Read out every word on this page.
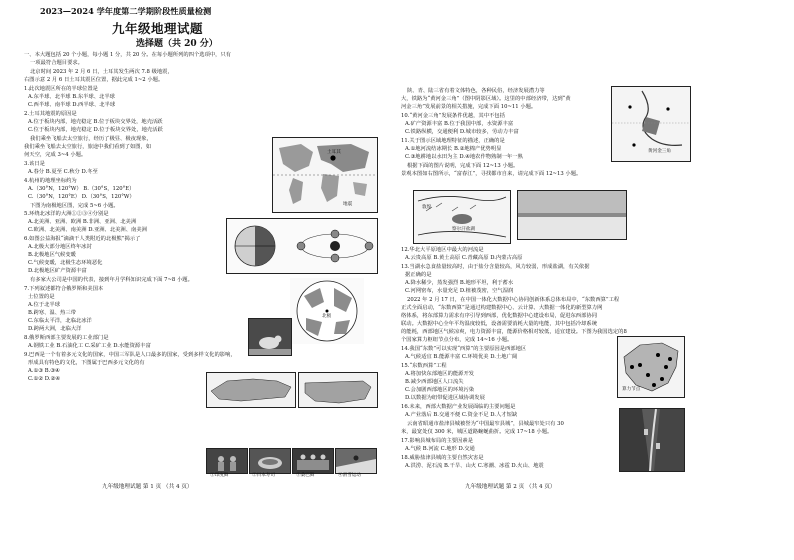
2023—2024 学年度第二学期阶段性质量检测
九年级地理试题
选择题（共 20 分）
一、本大题包括 20 个小题，每小题 1 分，共 20 分。在每小题所列的四个选项中，只有
一项最符合题目要求。
北京时间 2023 年 2 月 6 日，土耳其发生两次 7.8 级地震，
右图示意 2 月 6 日土耳其震区位置，据此完成 1~2 小题。
1.此次地震区所在的半球位置是
A.东半球、北半球 B.东半球、北半球
C.西半球、南半球 D.西半球、北半球
2.土耳其地震的原因是
A.位于板块内部，地壳稳定 B.位于板块交界处，地壳活跃
C.位于板块内部，地壳稳定 D.位于板块交界处，地壳活跃
我们乘坐飞船去太空旅行，经历了极昼、极夜现象，
我们乘坐飞船去太空旅行，旅途中我们看到了如图，如
何天空，完成 3~4 小题。
3.该日是
A.春分 B.夏至 C.秋分 D.冬至
4.杭州的地理坐标约为
A.（30°N，120°W） B.（30°S，120°E）
C.（30°N，120°E） D.（30°S，120°W）
下图为南极地区图，完成 5~6 小题。
5.环绕北冰洋的大洲①②③④分别是
A.北美洲、亚洲、欧洲 B.非洲、亚洲、北美洲
C.欧洲、北美洲、南美洲 D.亚洲、北美洲、南美洲
6.如图公益海报“滴滴干人类附近的北极熊”揭示了
A.北极大部分地区终年冰封
B.北极地区气候变暖
C.气候变暖，北极生态环境恶化
D.北极地区矿产资源丰富
有多家大公司是中国的代表，接到年月学科知识完成下面 7~8 小题。
7.下列叙述都符合俄罗斯和美国本
土位置的是
A.位于北半球
B.跨寒、温、热三带
C.东临太平洋，北临北冰洋
D.跨两大洲，北临大洋
8.俄罗斯西部主要发展的工业部门是
A.钢铁工业 B.石油化工 C.采矿工业 D.水能资源丰富
9.巴西是一个有着多元文化的国家，中国三军队是人口最多的国家，受到多样文化的影响，
形成具有特色的文化，下图属于巴西多元文化的有
A.①③ B.③④
C.①② D.②④
土耳其
地震
北极
①印度舞	②日本寿司	③桑巴舞	④滑雪运动
九年级地理试题 第 1 页 （共 4 页）
陕、青、陆三省有着文体特色，各种民俗，经济发展潜力等
大，铁路为“黄河金三角”（图中阴影区域）。这里的中部经济带，达到“黄
河金三角”发展前景的相关措施，完成下面 10~11 小题。
10.“黄河金三角”发展条件优越，其中不包括
A.矿产资源丰富 B.位于我国中部，水资源丰富
C.铁路纵横，交通便利 D.城市较多，劳动力丰富
11.关于图示区域地理特征的描述，正确的是
A.①地河流结冰期长 B.②地棉产优势明显
C.③地耕地以水田为主 D.④地农作物熟制一年一熟
根据下面的图片说明，完成下面 12~13 小题。
景观本图如右图所示，“富春江”，寻找都市自来，请完成下面 12~13 小题。
12.华北大平原地区中最大的河流是
A.云贵高原 B.黄土高原 C.青藏高原 D.内蒙古高原
13.当湖水急食盐量较高时，由于盐分含量较高，风力较弱，形成盐湖，有关依据
据正确的是
A.降水稀少，蒸发强烈 B.地形平坦，利于蓄水
C.河网密布，水量充足 D.植被茂密，空气湿润
2022 年 2 月 17 日，在中国一体化大数据中心协同创新体系总体布局中，“东数西算”工程
正式全面启动，“东数西算”是通过构建数据中心、云计算、大数据一体化的新型算力网
络体系，将东部算力需求有序引导到西部，优化数据中心建设布局，促进东西部协同
联动。大数据中心全年平均温度较低，设备需要消耗大量的电能，其中包括冷却系统
的能耗，西部地区气候凉爽，电力资源丰富，能源价格相对较低，适宜建设。下图为我国选定的8
个国家算力枢纽节点分布，完成 14~16 小题。
14.我国“东数”可以实现“西算”的主要原因是西部地区
A.气候适宜 B.能源丰富 C.环境优美 D.土地广阔
15.“东数西算”工程
A.将加快东部地区的能源开发
B.减少西部地区人口流失
C.会加剧西部地区的环境污染
D.以数据为纽带促进区域协调发展
16.未来，西部大数据产业发展面临的主要问题是
A.产业落后 B.交通不便 C.资金不足 D.人才短缺
云南省昭通市盐津县城被誉为“中国最窄县城”，县城最窄处只有 30
米，最宽处仅 300 米，城区道路蜿蜒曲折。完成 17~18 小题。
17.影响县城布局的主要因素是
A.气候 B.河流 C.地形 D.交通
18.威胁盐津县城的主要自然灾害是
A.洪涝、泥石流 B.干旱、山火 C.寒潮、冰雹 D.火山、地震
黄河金三角
敦煌
察尔汗盐湖
算力节点
九年级地理试题 第 2 页 （共 4 页）
